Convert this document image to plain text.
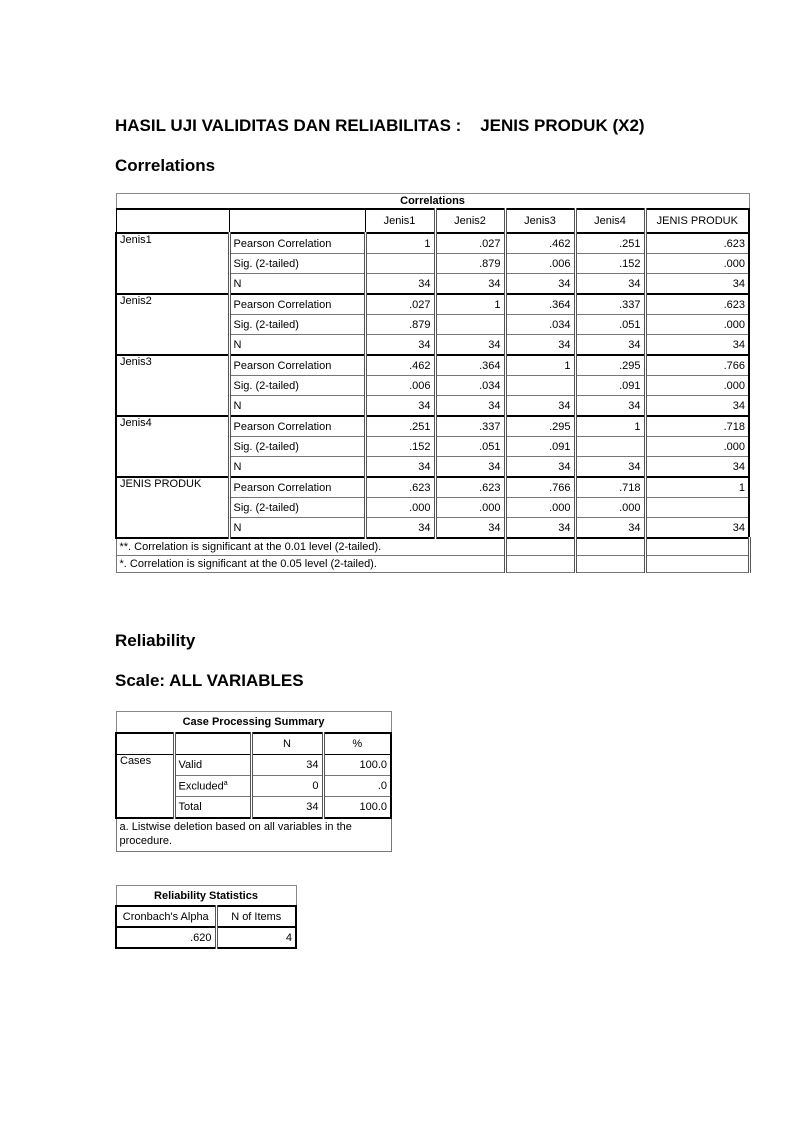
HASIL UJI VALIDITAS DAN RELIABILITAS :    JENIS PRODUK (X2)
Correlations
Correlations						
		Jenis1	Jenis2	Jenis3	Jenis4	JENIS PRODUK
Jenis1	Pearson Correlation	1	.027	.462	.251	.623
	Sig. (2-tailed)		.879	.006	.152	.000
	N	34	34	34	34	34
Jenis2	Pearson Correlation	.027	1	.364	.337	.623
	Sig. (2-tailed)	.879		.034	.051	.000
	N	34	34	34	34	34
Jenis3	Pearson Correlation	.462	.364	1	.295	.766
	Sig. (2-tailed)	.006	.034		.091	.000
	N	34	34	34	34	34
Jenis4	Pearson Correlation	.251	.337	.295	1	.718
	Sig. (2-tailed)	.152	.051	.091		.000
	N	34	34	34	34	34
JENIS PRODUK	Pearson Correlation	.623	.623	.766	.718	1
	Sig. (2-tailed)	.000	.000	.000	.000	
	N	34	34	34	34	34
**. Correlation is significant at the 0.01 level (2-tailed).						
*. Correlation is significant at the 0.05 level (2-tailed).						
Reliability
Scale: ALL VARIABLES
Case Processing Summary			
		N	%
Cases	Valid	34	100.0
	Excluded$^a$	0	.0
	Total	34	100.0
a. Listwise deletion based on all variables in the procedure.			
Reliability Statistics	
Cronbach's Alpha	N of Items
.620	4
